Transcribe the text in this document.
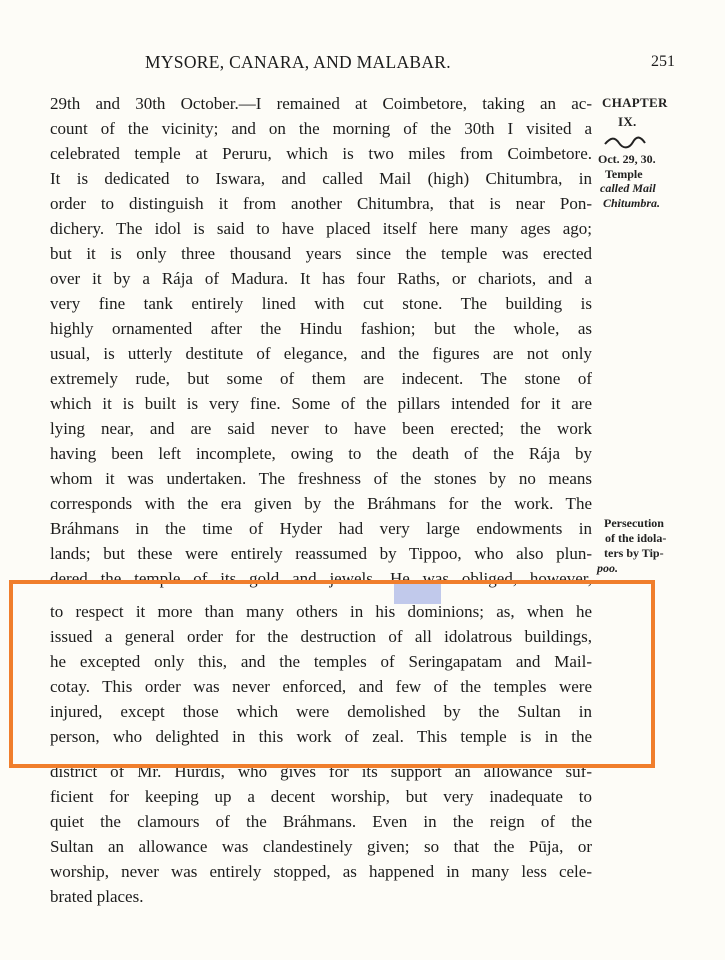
MYSORE, CANARA, AND MALABAR.	251
29th and 30th October.—I remained at Coimbetore, taking an ac-
count of the vicinity; and on the morning of the 30th I visited a
celebrated temple at Peruru, which is two miles from Coimbetore.
It is dedicated to Iswara, and called Mail (high) Chitumbra, in
order to distinguish it from another Chitumbra, that is near Pon-
dichery. The idol is said to have placed itself here many ages ago;
but it is only three thousand years since the temple was erected
over it by a Rája of Madura. It has four Raths, or chariots, and a
very fine tank entirely lined with cut stone. The building is
highly ornamented after the Hindu fashion; but the whole, as
usual, is utterly destitute of elegance, and the figures are not only
extremely rude, but some of them are indecent. The stone of
which it is built is very fine. Some of the pillars intended for it are
lying near, and are said never to have been erected; the work
having been left incomplete, owing to the death of the Rája by
whom it was undertaken. The freshness of the stones by no means
corresponds with the era given by the Bráhmans for the work. The
Bráhmans in the time of Hyder had very large endowments in
lands; but these were entirely reassumed by Tippoo, who also plun-
dered the temple of its gold and jewels. He was obliged, however,
to respect it more than many others in his dominions; as, when he
issued a general order for the destruction of all idolatrous buildings,
he excepted only this, and the temples of Seringapatam and Mail-
cotay. This order was never enforced, and few of the temples were
injured, except those which were demolished by the Sultan in
person, who delighted in this work of zeal. This temple is in the
district of Mr. Hurdis, who gives for its support an allowance suf-
ficient for keeping up a decent worship, but very inadequate to
quiet the clamours of the Bráhmans. Even in the reign of the
Sultan an allowance was clandestinely given; so that the Pūja, or
worship, never was entirely stopped, as happened in many less cele-
brated places.
CHAPTER
IX.
Oct. 29, 30.
Temple
called Mail
Chitumbra.
Persecution
of the idola-
ters by Tip-
poo.
